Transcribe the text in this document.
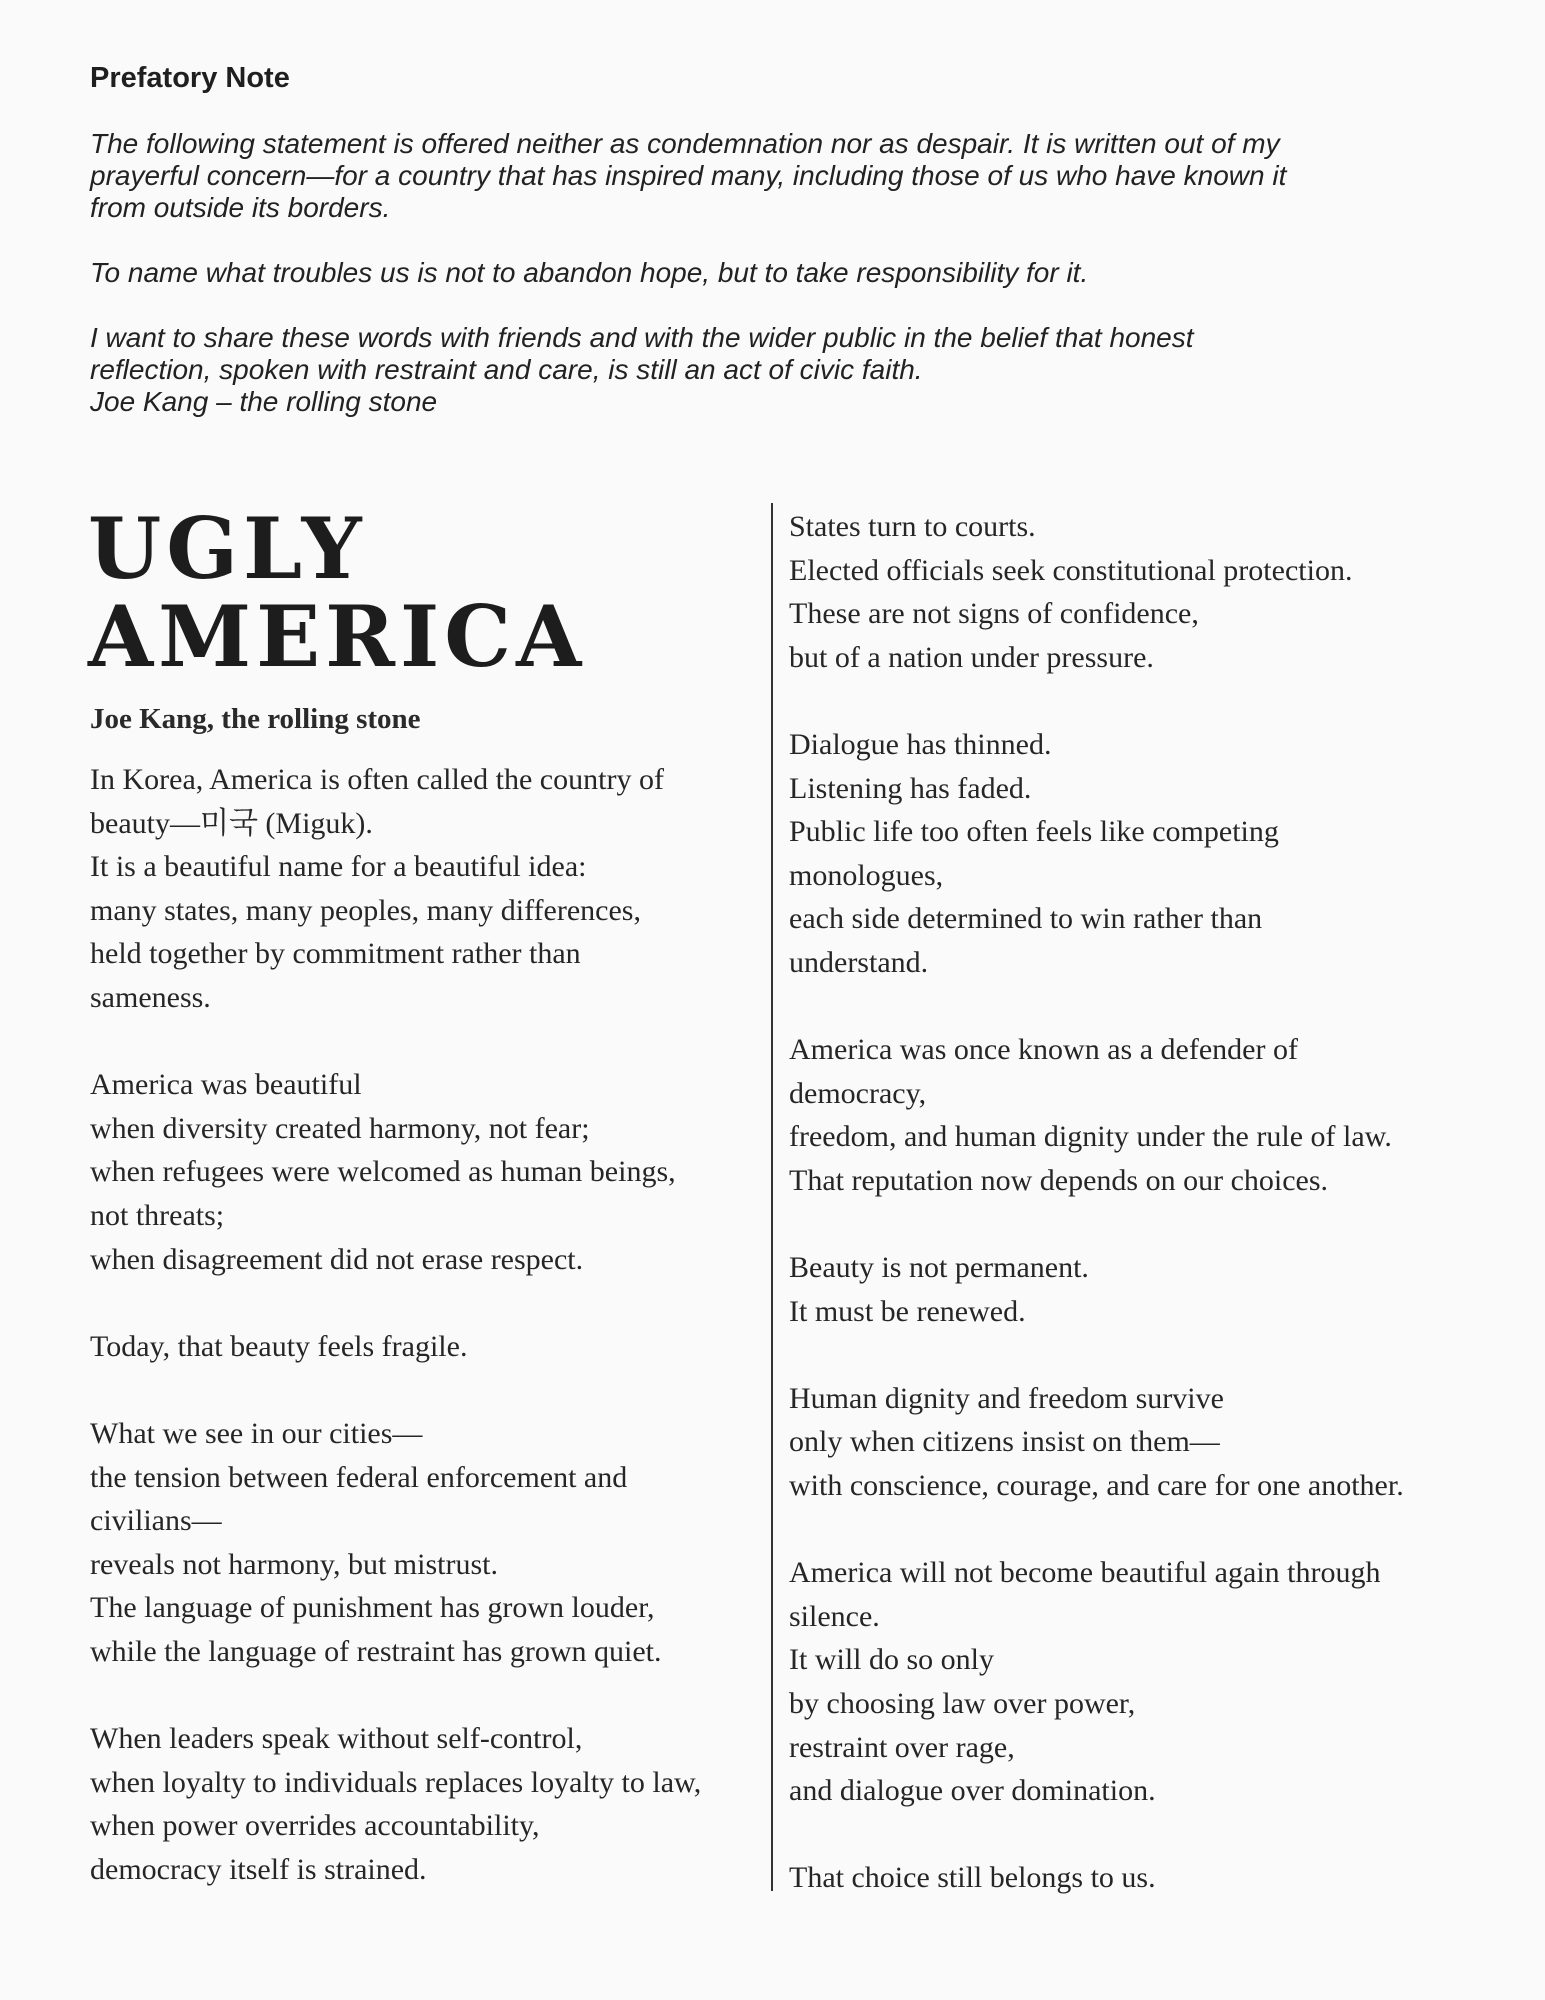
Prefatory Note
The following statement is offered neither as condemnation nor as despair. It is written out of my
prayerful concern—for a country that has inspired many, including those of us who have known it
from outside its borders.
To name what troubles us is not to abandon hope, but to take responsibility for it.
I want to share these words with friends and with the wider public in the belief that honest
reflection, spoken with restraint and care, is still an act of civic faith.
Joe Kang – the rolling stone
UGLY
AMERICA
Joe Kang, the rolling stone

In Korea, America is often called the country of
beauty—미국 (Miguk).
It is a beautiful name for a beautiful idea:
many states, many peoples, many differences,
held together by commitment rather than
sameness.

America was beautiful
when diversity created harmony, not fear;
when refugees were welcomed as human beings,
not threats;
when disagreement did not erase respect.

Today, that beauty feels fragile.

What we see in our cities—
the tension between federal enforcement and
civilians—
reveals not harmony, but mistrust.
The language of punishment has grown louder,
while the language of restraint has grown quiet.

When leaders speak without self-control,
when loyalty to individuals replaces loyalty to law,
when power overrides accountability,
democracy itself is strained.

States turn to courts.
Elected officials seek constitutional protection.
These are not signs of confidence,
but of a nation under pressure.

Dialogue has thinned.
Listening has faded.
Public life too often feels like competing
monologues,
each side determined to win rather than
understand.

America was once known as a defender of
democracy,
freedom, and human dignity under the rule of law.
That reputation now depends on our choices.

Beauty is not permanent.
It must be renewed.

Human dignity and freedom survive
only when citizens insist on them—
with conscience, courage, and care for one another.

America will not become beautiful again through
silence.
It will do so only
by choosing law over power,
restraint over rage,
and dialogue over domination.

That choice still belongs to us.
